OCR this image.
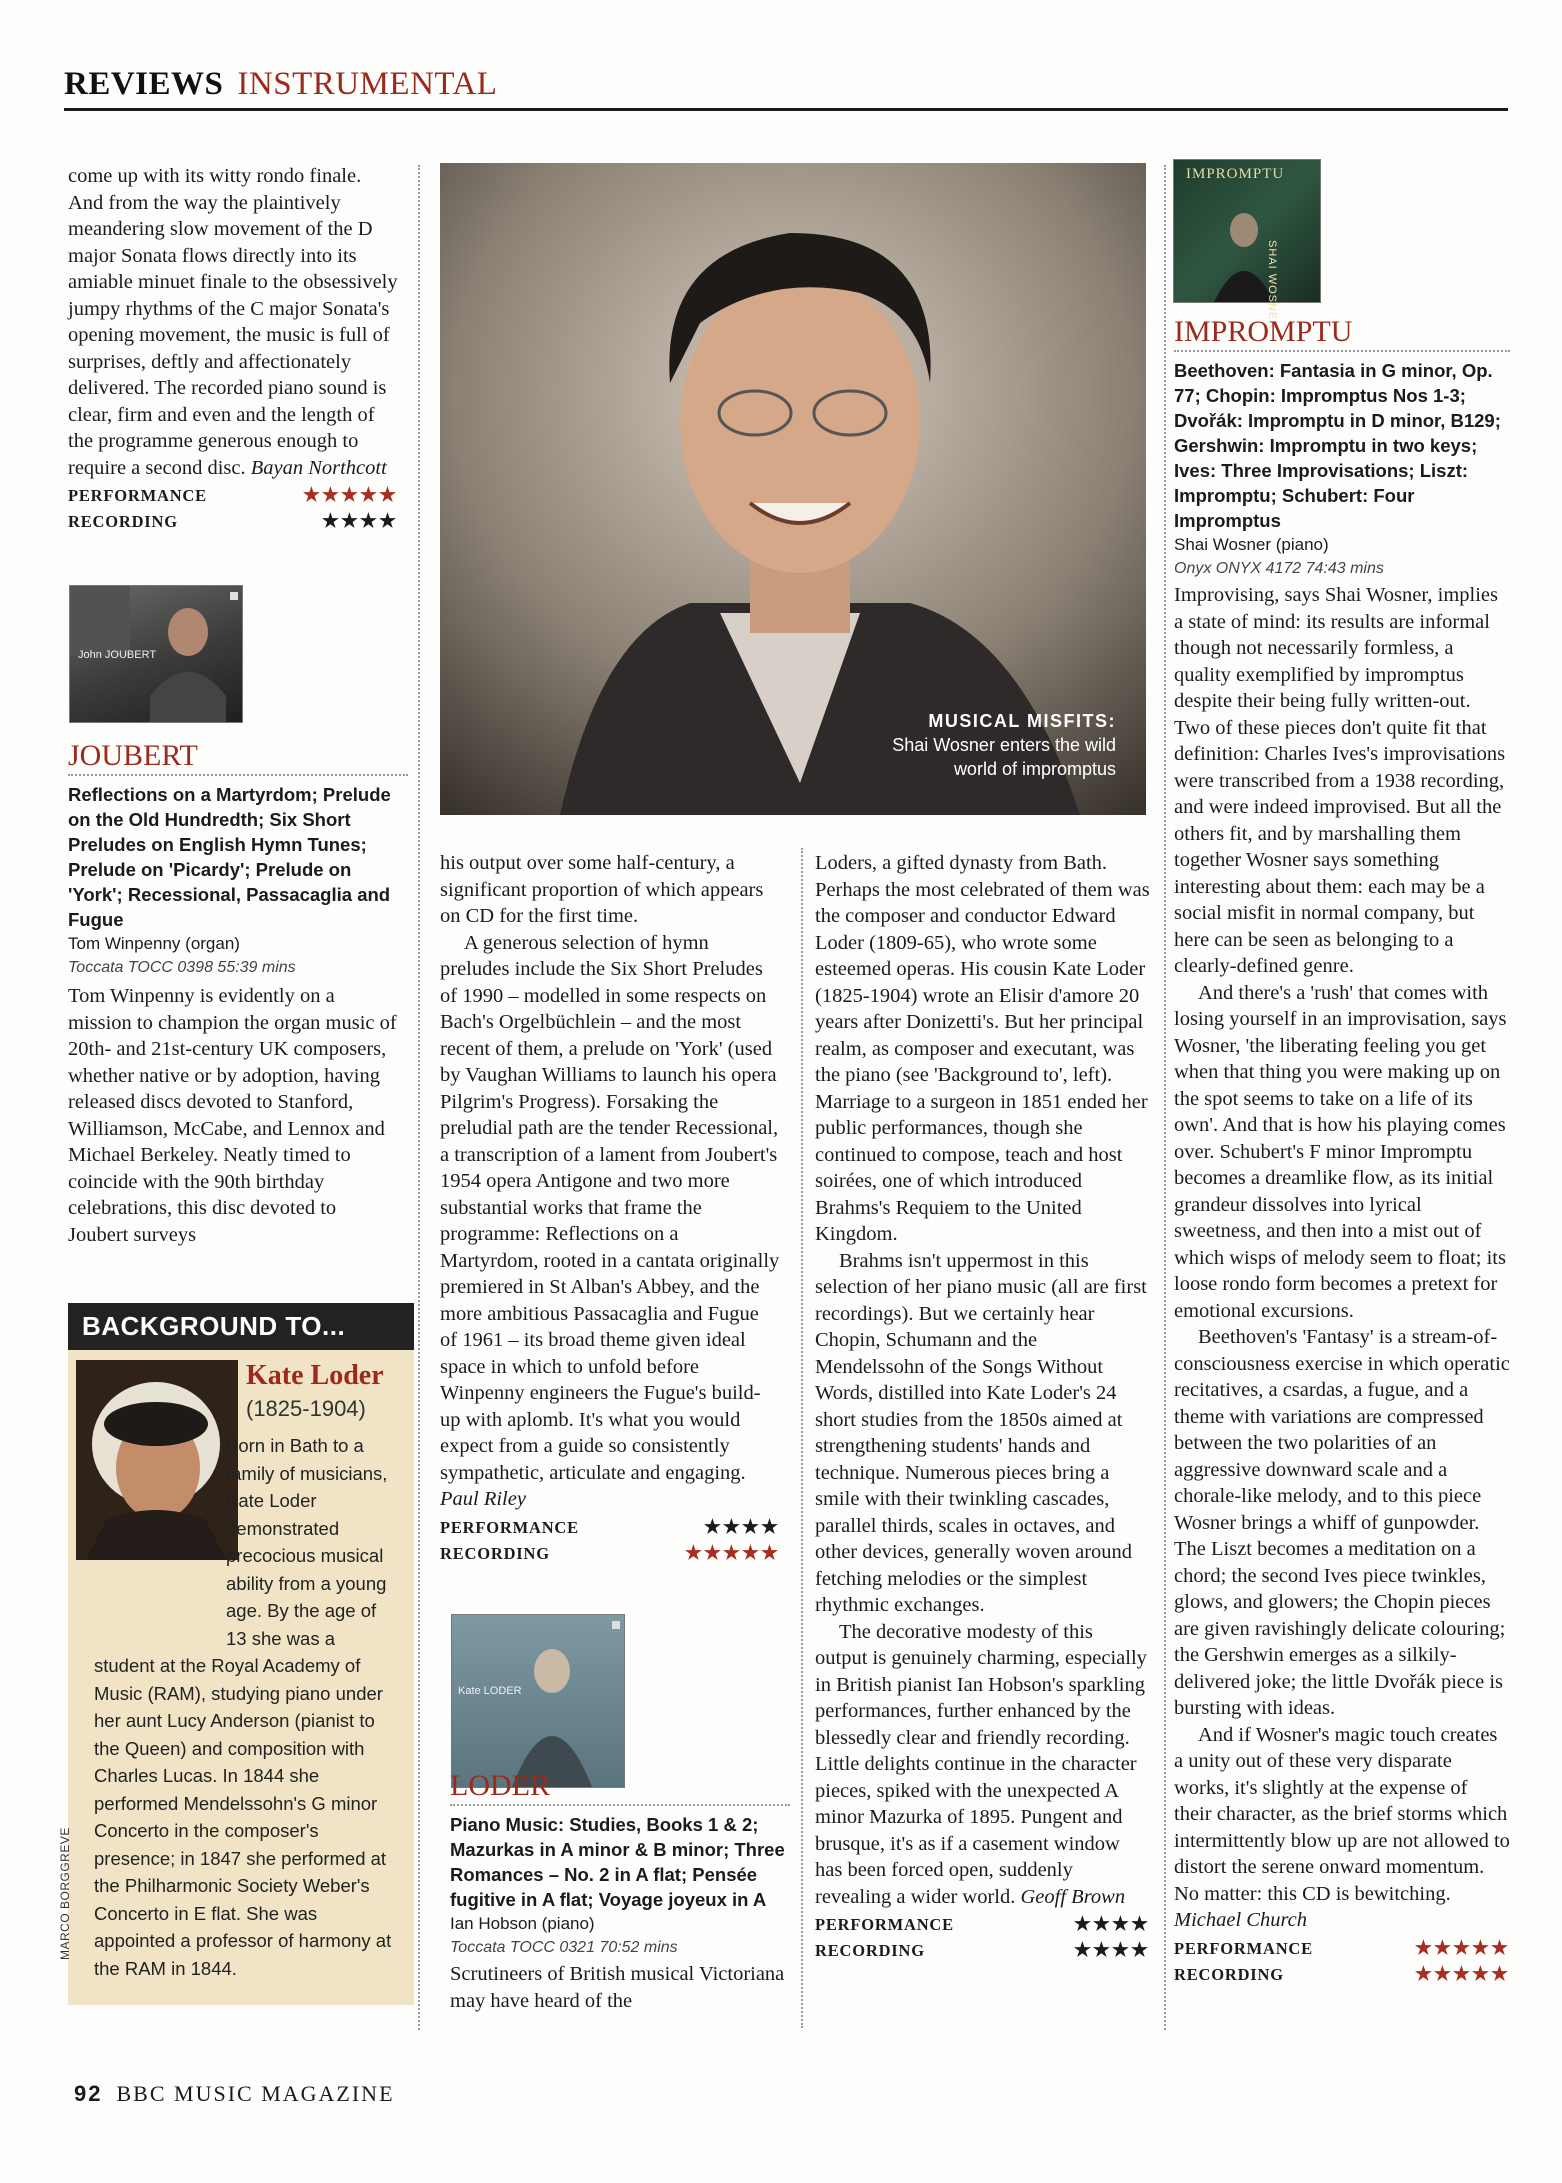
REVIEWS INSTRUMENTAL

come up with its witty rondo finale. And from the way the plaintively meandering slow movement of the D major Sonata flows directly into its amiable minuet finale to the obsessively jumpy rhythms of the C major Sonata's opening movement, the music is full of surprises, deftly and affectionately delivered. The recorded piano sound is clear, firm and even and the length of the programme generous enough to require a second disc. Bayan Northcott

PERFORMANCE	★★★★★
RECORDING	★★★★
John JOUBERT
JOUBERT
Reflections on a Martyrdom; Prelude on the Old Hundredth; Six Short Preludes on English Hymn Tunes; Prelude on 'Picardy'; Prelude on 'York'; Recessional, Passacaglia and Fugue
Tom Winpenny (organ)
Toccata TOCC 0398 55:39 mins

Tom Winpenny is evidently on a mission to champion the organ music of 20th- and 21st-century UK composers, whether native or by adoption, having released discs devoted to Stanford, Williamson, McCabe, and Lennox and Michael Berkeley. Neatly timed to coincide with the 90th birthday celebrations, this disc devoted to Joubert surveys

BACKGROUND TO...
Kate Loder
(1825-1904)
Born in Bath to a family of musicians, Kate Loder demonstrated precocious musical ability from a young age. By the age of 13 she was a student at the Royal Academy of Music (RAM), studying piano under her aunt Lucy Anderson (pianist to the Queen) and composition with Charles Lucas. In 1844 she performed Mendelssohn's G minor Concerto in the composer's presence; in 1847 she performed at the Philharmonic Society Weber's Concerto in E flat. She was appointed a professor of harmony at the RAM in 1844.
MARCO BORGGREVE
MUSICAL MISFITS:
Shai Wosner enters the wild world of impromptus

his output over some half-century, a significant proportion of which appears on CD for the first time.

A generous selection of hymn preludes include the Six Short Preludes of 1990 – modelled in some respects on Bach's Orgelbüchlein – and the most recent of them, a prelude on 'York' (used by Vaughan Williams to launch his opera Pilgrim's Progress). Forsaking the preludial path are the tender Recessional, a transcription of a lament from Joubert's 1954 opera Antigone and two more substantial works that frame the programme: Reflections on a Martyrdom, rooted in a cantata originally premiered in St Alban's Abbey, and the more ambitious Passacaglia and Fugue of 1961 – its broad theme given ideal space in which to unfold before Winpenny engineers the Fugue's build-up with aplomb. It's what you would expect from a guide so consistently sympathetic, articulate and engaging. Paul Riley

PERFORMANCE	★★★★
RECORDING	★★★★★
Kate LODER
LODER
Piano Music: Studies, Books 1 & 2; Mazurkas in A minor & B minor; Three Romances – No. 2 in A flat; Pensée fugitive in A flat; Voyage joyeux in A
Ian Hobson (piano)
Toccata TOCC 0321 70:52 mins

Scrutineers of British musical Victoriana may have heard of the

Loders, a gifted dynasty from Bath. Perhaps the most celebrated of them was the composer and conductor Edward Loder (1809-65), who wrote some esteemed operas. His cousin Kate Loder (1825-1904) wrote an Elisir d'amore 20 years after Donizetti's. But her principal realm, as composer and executant, was the piano (see 'Background to', left). Marriage to a surgeon in 1851 ended her public performances, though she continued to compose, teach and host soirées, one of which introduced Brahms's Requiem to the United Kingdom.

Brahms isn't uppermost in this selection of her piano music (all are first recordings). But we certainly hear Chopin, Schumann and the Mendelssohn of the Songs Without Words, distilled into Kate Loder's 24 short studies from the 1850s aimed at strengthening students' hands and technique. Numerous pieces bring a smile with their twinkling cascades, parallel thirds, scales in octaves, and other devices, generally woven around fetching melodies or the simplest rhythmic exchanges.

The decorative modesty of this output is genuinely charming, especially in British pianist Ian Hobson's sparkling performances, further enhanced by the blessedly clear and friendly recording. Little delights continue in the character pieces, spiked with the unexpected A minor Mazurka of 1895. Pungent and brusque, it's as if a casement window has been forced open, suddenly revealing a wider world. Geoff Brown

PERFORMANCE	★★★★
RECORDING	★★★★
IMPROMPTU
SHAI WOSNER
IMPROMPTU
Beethoven: Fantasia in G minor, Op. 77; Chopin: Impromptus Nos 1-3; Dvořák: Impromptu in D minor, B129; Gershwin: Impromptu in two keys; Ives: Three Improvisations; Liszt: Impromptu; Schubert: Four Impromptus
Shai Wosner (piano)
Onyx ONYX 4172 74:43 mins

Improvising, says Shai Wosner, implies a state of mind: its results are informal though not necessarily formless, a quality exemplified by impromptus despite their being fully written-out. Two of these pieces don't quite fit that definition: Charles Ives's improvisations were transcribed from a 1938 recording, and were indeed improvised. But all the others fit, and by marshalling them together Wosner says something interesting about them: each may be a social misfit in normal company, but here can be seen as belonging to a clearly-defined genre.

And there's a 'rush' that comes with losing yourself in an improvisation, says Wosner, 'the liberating feeling you get when that thing you were making up on the spot seems to take on a life of its own'. And that is how his playing comes over. Schubert's F minor Impromptu becomes a dreamlike flow, as its initial grandeur dissolves into lyrical sweetness, and then into a mist out of which wisps of melody seem to float; its loose rondo form becomes a pretext for emotional excursions.

Beethoven's 'Fantasy' is a stream-of-consciousness exercise in which operatic recitatives, a csardas, a fugue, and a theme with variations are compressed between the two polarities of an aggressive downward scale and a chorale-like melody, and to this piece Wosner brings a whiff of gunpowder. The Liszt becomes a meditation on a chord; the second Ives piece twinkles, glows, and glowers; the Chopin pieces are given ravishingly delicate colouring; the Gershwin emerges as a silkily-delivered joke; the little Dvořák piece is bursting with ideas.

And if Wosner's magic touch creates a unity out of these very disparate works, it's slightly at the expense of their character, as the brief storms which intermittently blow up are not allowed to distort the serene onward momentum. No matter: this CD is bewitching. Michael Church

PERFORMANCE	★★★★★
RECORDING	★★★★★
92 BBC MUSIC MAGAZINE
